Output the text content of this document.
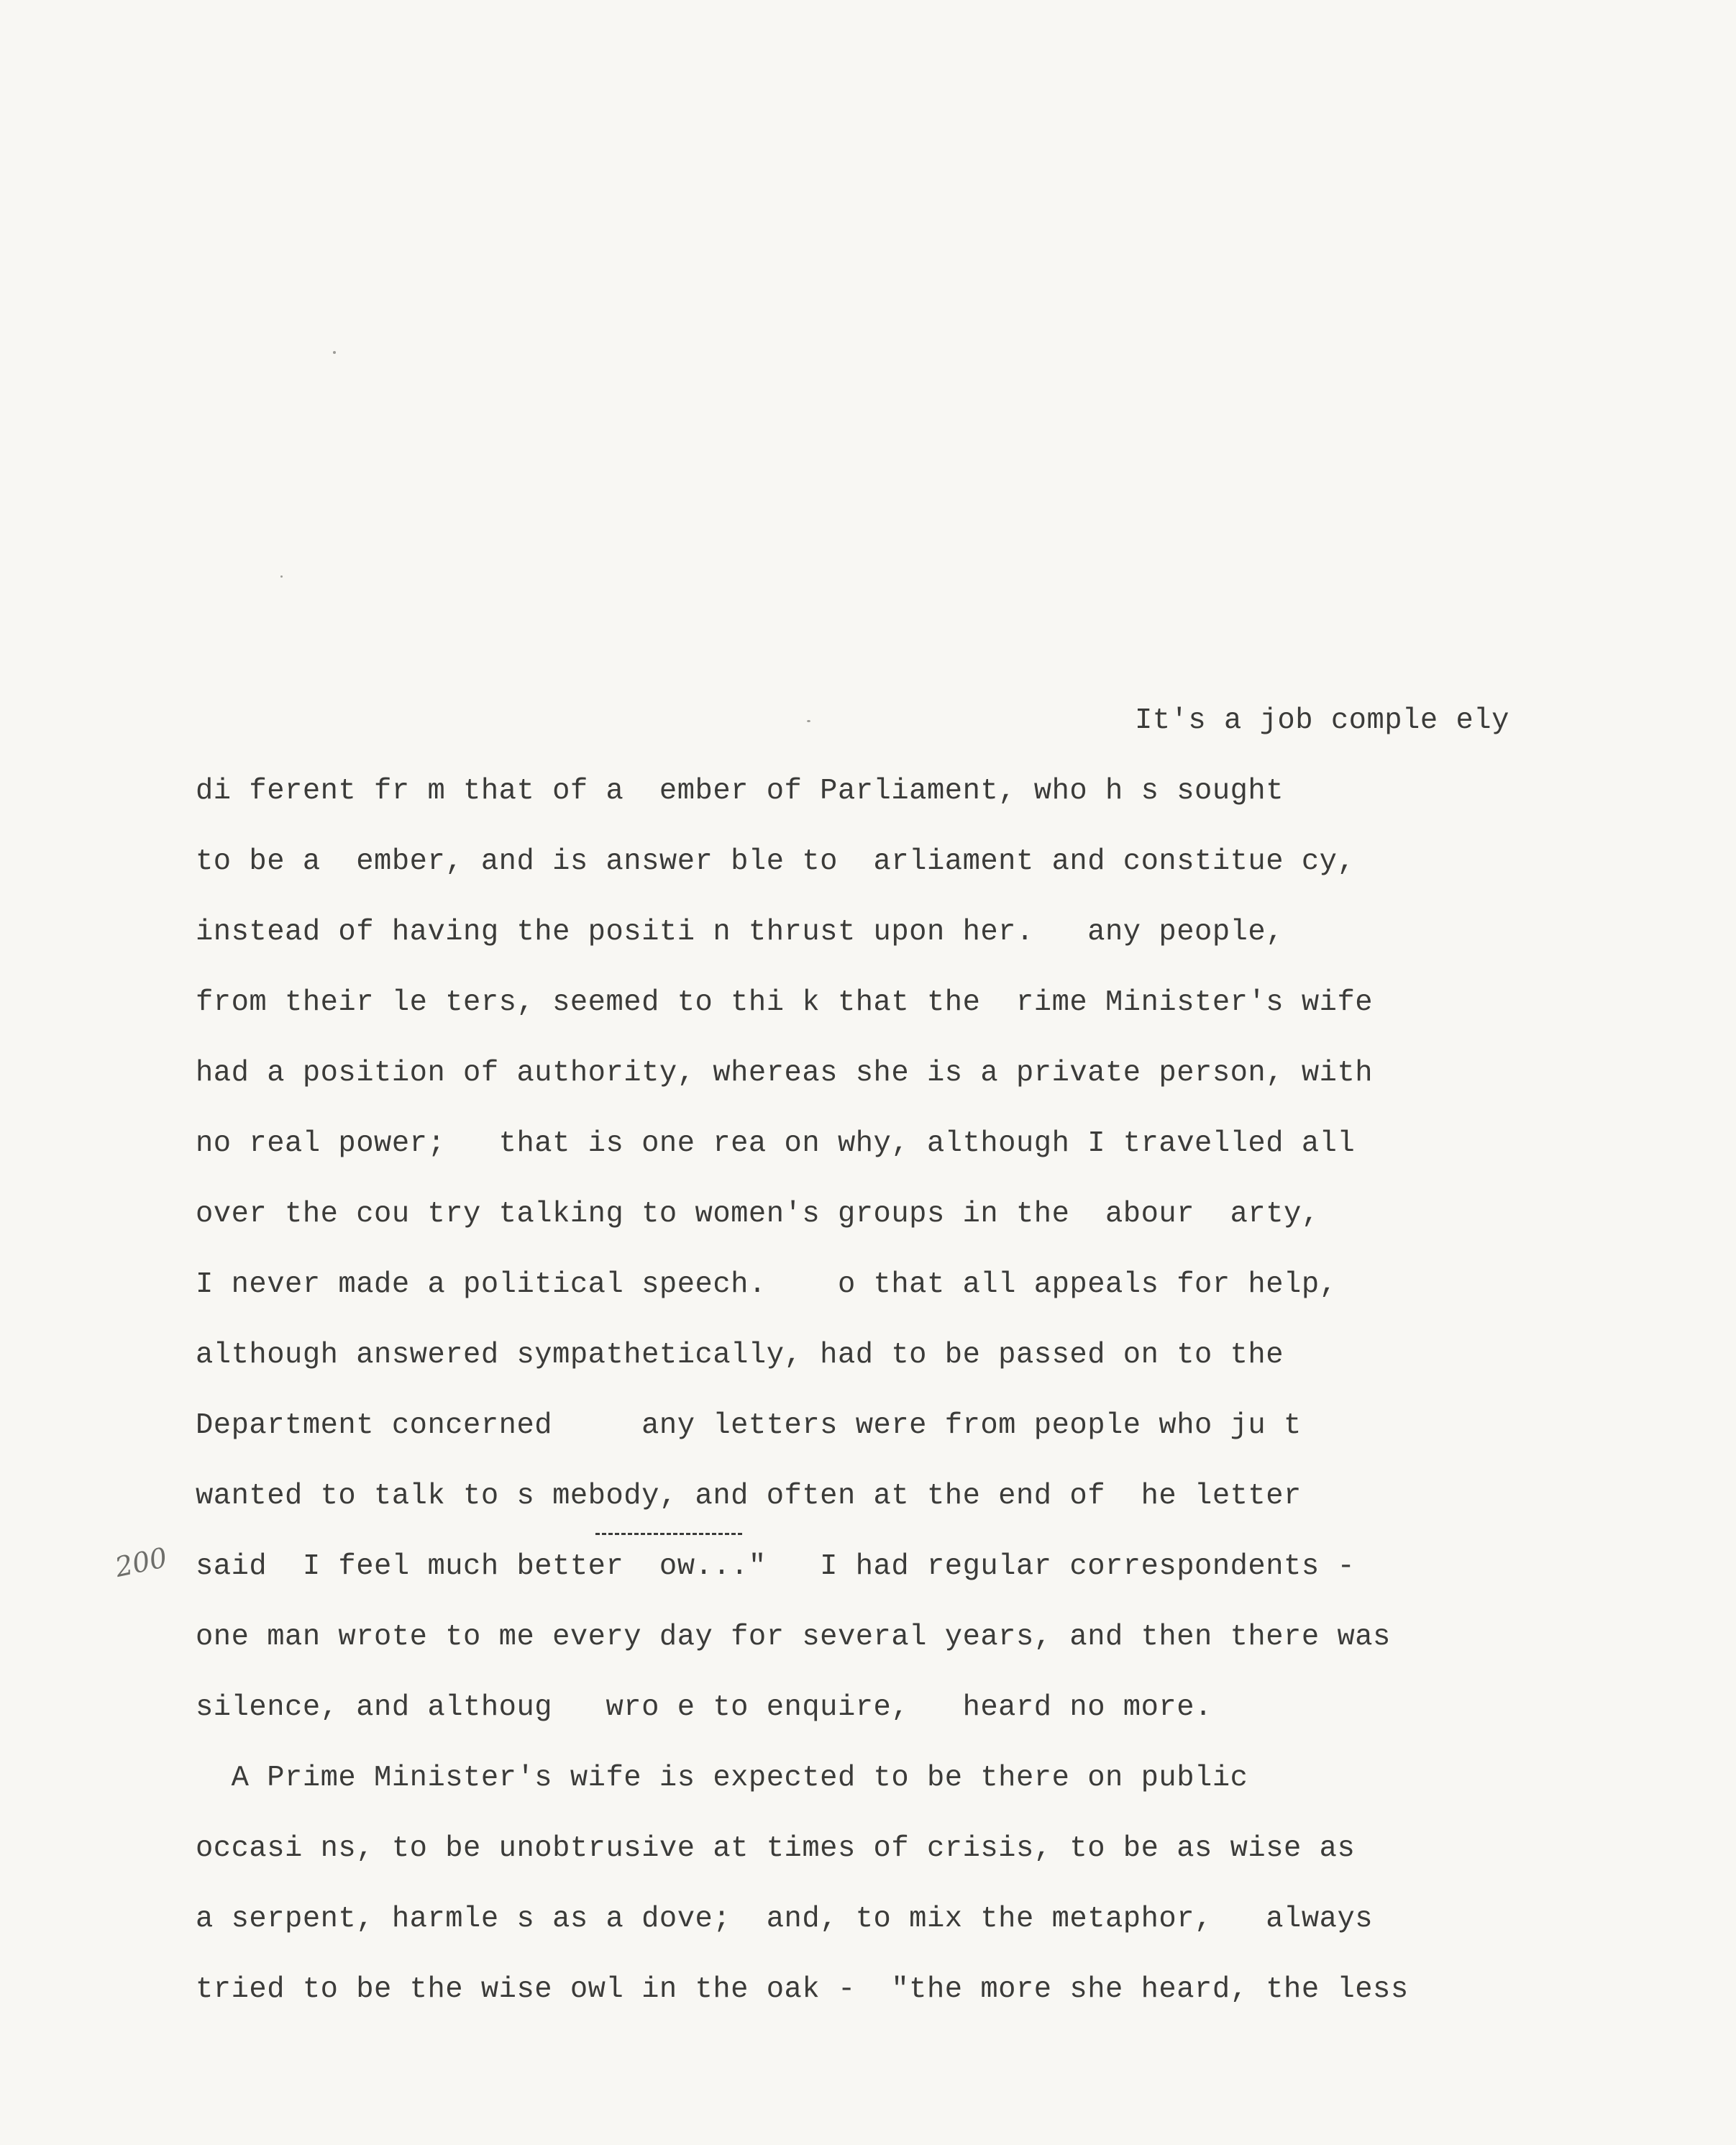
200
It's a job comple ely
di ferent fr m that of a  ember of Parliament, who h s sought
to be a  ember, and is answer ble to  arliament and constitue cy,
instead of having the positi n thrust upon her.   any people,
from their le ters, seemed to thi k that the  rime Minister's wife
had a position of authority, whereas she is a private person, with
no real power;   that is one rea on why, although I travelled all
over the cou try talking to women's groups in the  abour  arty,
I never made a political speech.    o that all appeals for help,
although answered sympathetically, had to be passed on to the
Department concerned     any letters were from people who ju t
wanted to talk to s mebody, and often at the end of  he letter
said  I feel much better  ow..."   I had regular correspondents -
one man wrote to me every day for several years, and then there was
silence, and althoug   wro e to enquire,   heard no more.
A Prime Minister's wife is expected to be there on public
occasi ns, to be unobtrusive at times of crisis, to be as wise as
a serpent, harmle s as a dove;  and, to mix the metaphor,   always
tried to be the wise owl in the oak -  "the more she heard, the less
